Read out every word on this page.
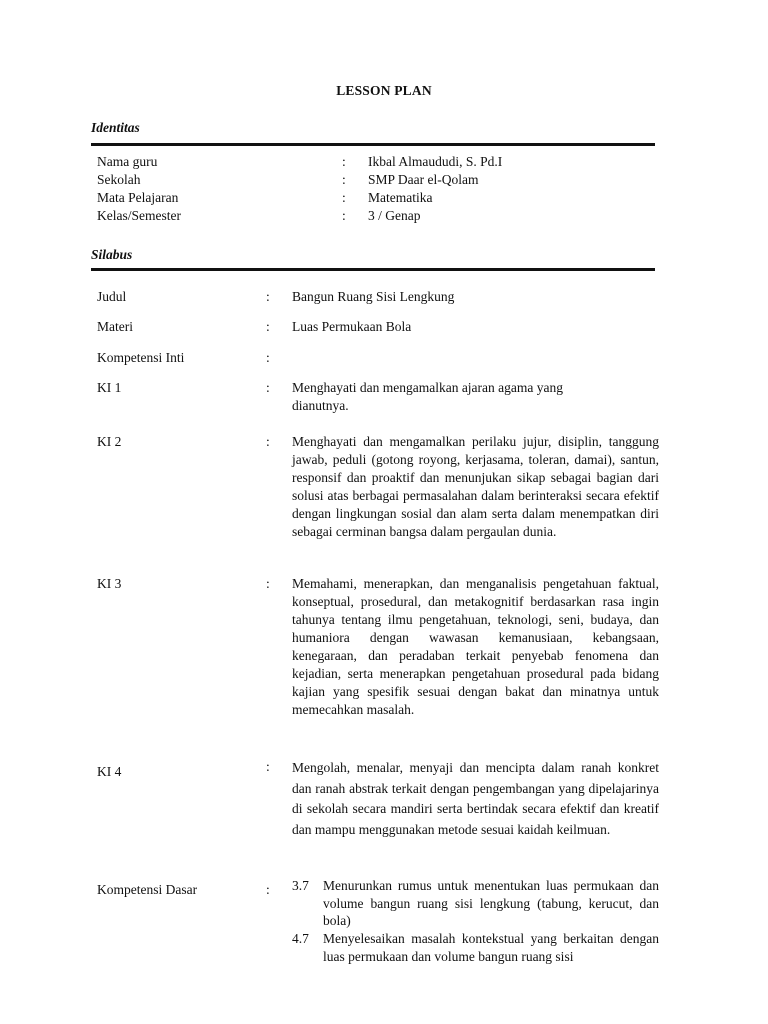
LESSON PLAN
Identitas
Nama guru	: Ikbal Almaududi, S. Pd.I
Sekolah	: SMP Daar el-Qolam
Mata Pelajaran	: Matematika
Kelas/Semester	: 3 / Genap
Silabus
Judul	: Bangun Ruang Sisi Lengkung
Materi	: Luas Permukaan Bola
Kompetensi Inti	:
KI 1	: Menghayati dan mengamalkan ajaran agama yang dianutnya.
KI 2	: Menghayati dan mengamalkan perilaku jujur, disiplin, tanggung jawab, peduli (gotong royong, kerjasama, toleran, damai), santun, responsif dan proaktif dan menunjukan sikap sebagai bagian dari solusi atas berbagai permasalahan dalam berinteraksi secara efektif dengan lingkungan sosial dan alam serta dalam menempatkan diri sebagai cerminan bangsa dalam pergaulan dunia.
KI 3	: Memahami, menerapkan, dan menganalisis pengetahuan faktual, konseptual, prosedural, dan metakognitif berdasarkan rasa ingin tahunya tentang ilmu pengetahuan, teknologi, seni, budaya, dan humaniora dengan wawasan kemanusiaan, kebangsaan, kenegaraan, dan peradaban terkait penyebab fenomena dan kejadian, serta menerapkan pengetahuan prosedural pada bidang kajian yang spesifik sesuai dengan bakat dan minatnya untuk memecahkan masalah.
KI 4	: Mengolah, menalar, menyaji dan mencipta dalam ranah konkret dan ranah abstrak terkait dengan pengembangan yang dipelajarinya di sekolah secara mandiri serta bertindak secara efektif dan kreatif dan mampu menggunakan metode sesuai kaidah keilmuan.
Kompetensi Dasar	: 3.7 Menurunkan rumus untuk menentukan luas permukaan dan volume bangun ruang sisi lengkung (tabung, kerucut, dan bola)
4.7 Menyelesaikan masalah kontekstual yang berkaitan dengan luas permukaan dan volume bangun ruang sisi
